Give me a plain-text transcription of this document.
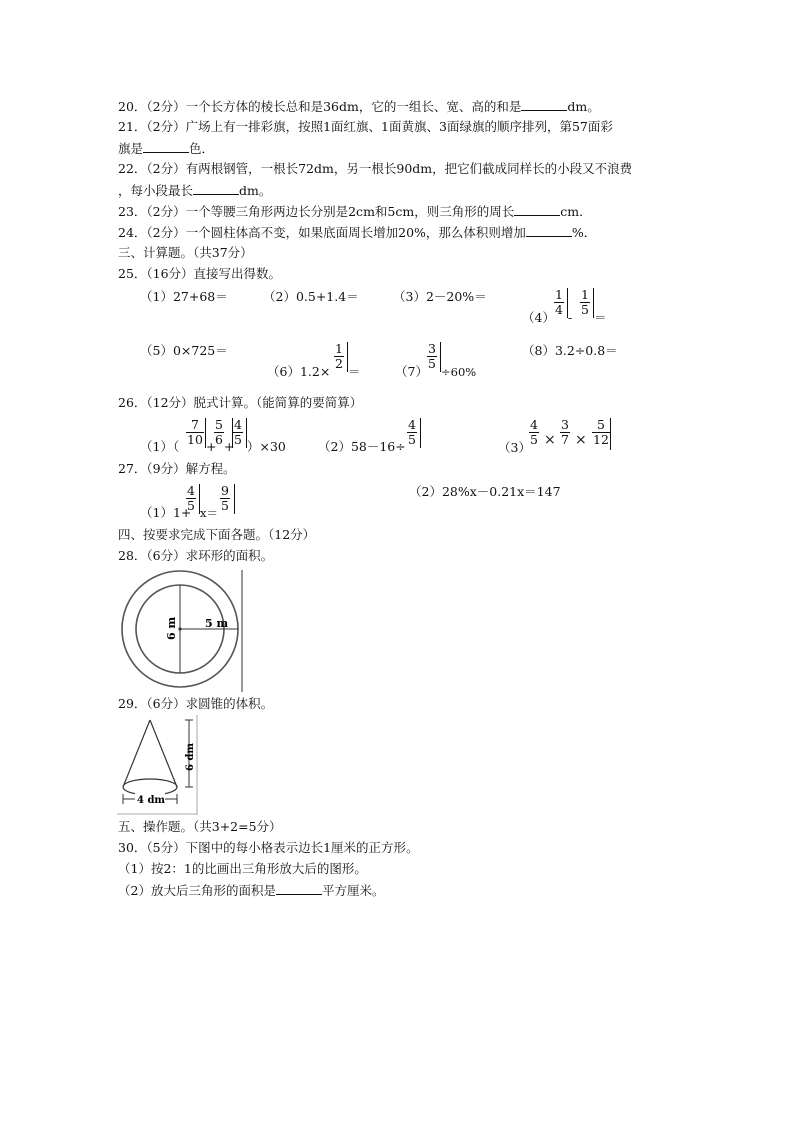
20．（2分）一个长方体的棱长总和是36dm，它的一组长、宽、高的和是	dm。
21．（2分）广场上有一排彩旗，按照1面红旗、1面黄旗、3面绿旗的顺序排列，第57面彩
旗是	色．
22．（2分）有两根钢管，一根长72dm，另一根长90dm，把它们截成同样长的小段又不浪费
，每小段最长	dm。
23．（2分）一个等腰三角形两边长分别是2cm和5cm，则三角形的周长	cm．
24．（2分）一个圆柱体高不变，如果底面周长增加20%，那么体积则增加	%．
三、计算题。（共37分）
25．（16分）直接写出得数。
（1）27+68＝	（2）0.5+1.4＝	（3）2－20%＝
（4）
$\frac{1}{4}$
-
$\frac{1}{5}$
＝
（5）0×725＝
（6）1.2×
$\frac{1}{2}$
＝	（7）
$\frac{3}{5}$
÷60%
（8）3.2÷0.8＝
26．（12分）脱式计算。（能简算的要简算）
$(1)( \frac{7}{10}$ +
$\frac{5}{6}$ +
$\frac{4}{5} )\times 30$	$(2)58-16\div \frac{4}{5}$
（3）
$\frac{4}{5} \times \frac{3}{7} \times \frac{5}{12}$
27．（9分）解方程。
（1）1+
$\frac{4}{5} x= \frac{9}{5}$	（2）28%x－0.21x＝147
四、按要求完成下面各题。（12分）
28．（6分）求环形的面积。
6 m 5 m
29．（6分）求圆锥的体积。
6 dm
4 dm
五、操作题。（共3+2=5分）
30．（5分）下图中的每小格表示边长1厘米的正方形。
（1）按2：1的比画出三角形放大后的图形。
（2）放大后三角形的面积是	平方厘米。
